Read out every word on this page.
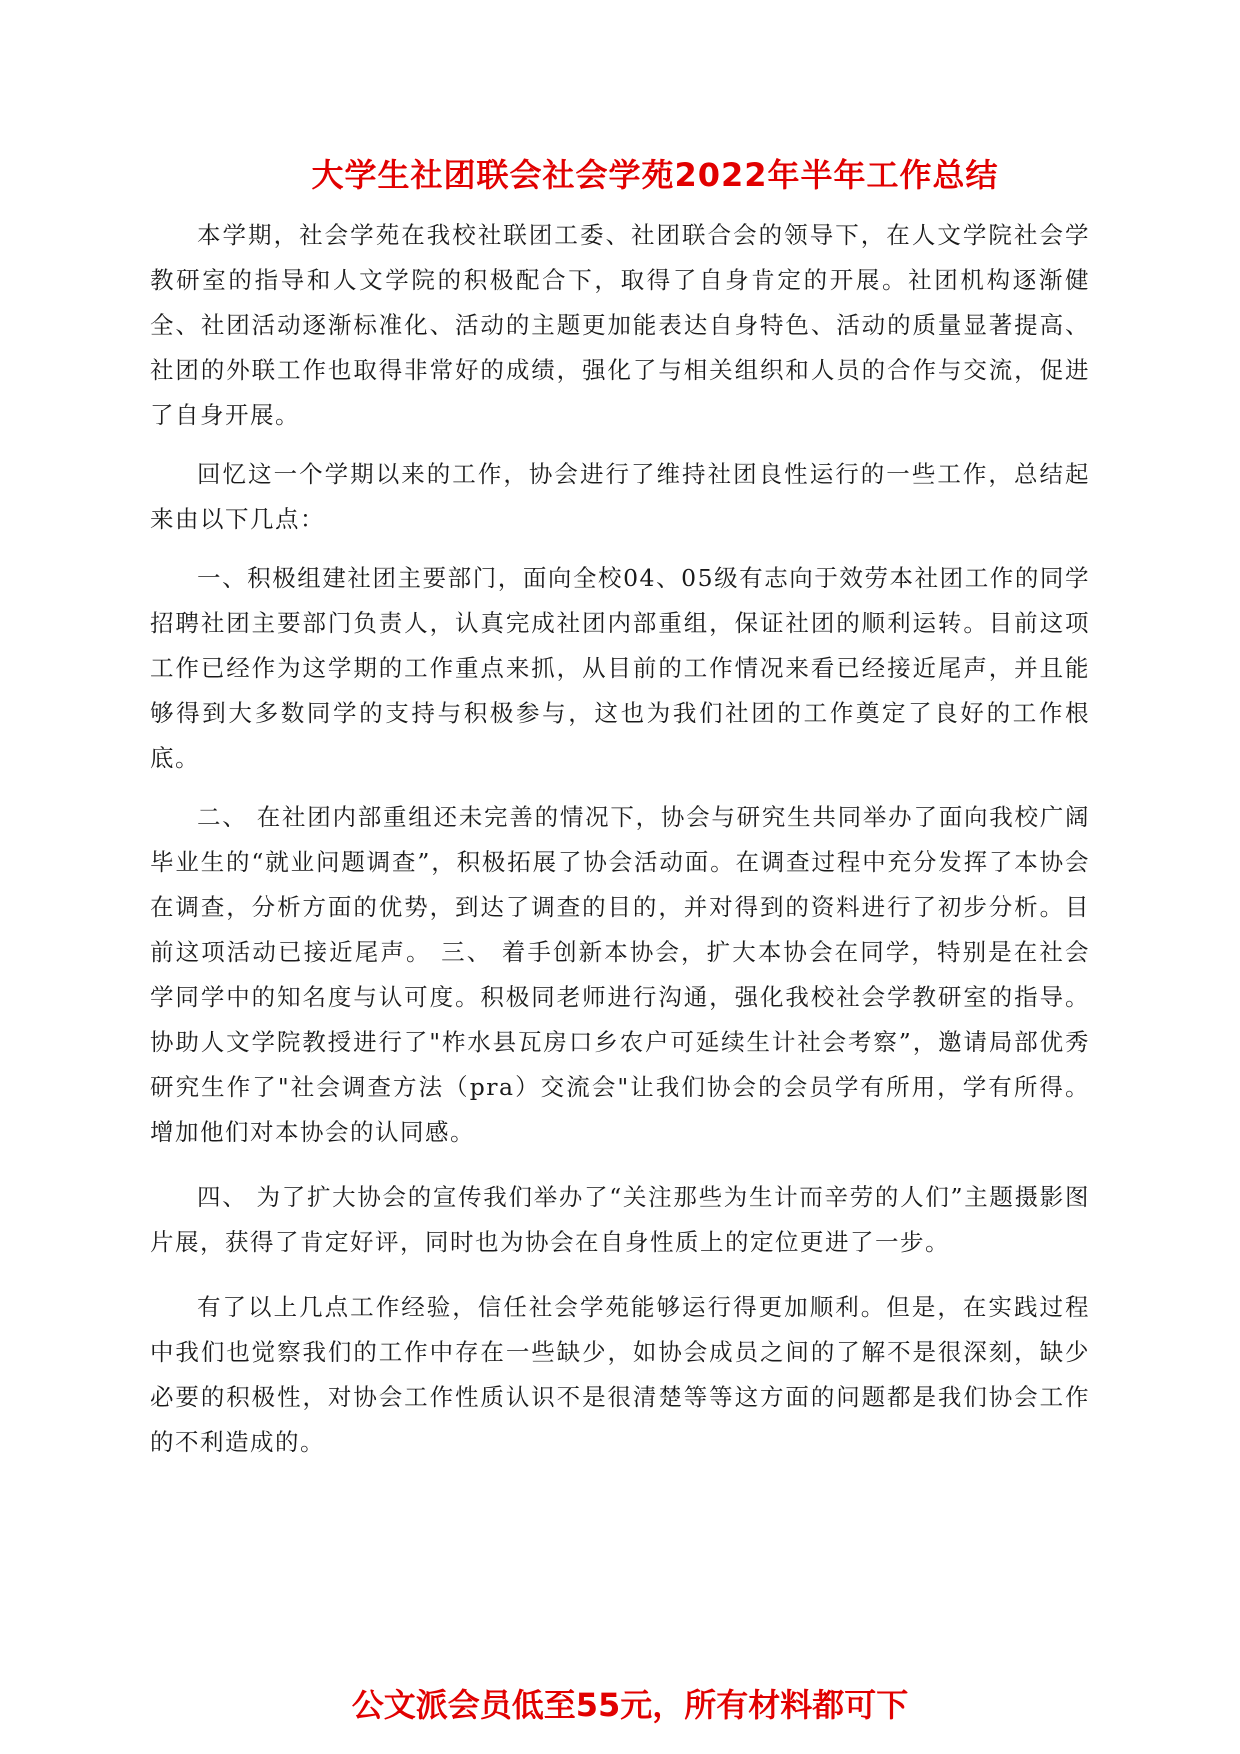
大学生社团联会社会学苑2022年半年工作总结

本学期，社会学苑在我校社联团工委、社团联合会的领导下，在人文学院社会学教研室的指导和人文学院的积极配合下，取得了自身肯定的开展。社团机构逐渐健全、社团活动逐渐标准化、活动的主题更加能表达自身特色、活动的质量显著提高、社团的外联工作也取得非常好的成绩，强化了与相关组织和人员的合作与交流，促进了自身开展。

回忆这一个学期以来的工作，协会进行了维持社团良性运行的一些工作，总结起来由以下几点：

一、积极组建社团主要部门，面向全校04、05级有志向于效劳本社团工作的同学招聘社团主要部门负责人，认真完成社团内部重组，保证社团的顺利运转。目前这项工作已经作为这学期的工作重点来抓，从目前的工作情况来看已经接近尾声，并且能够得到大多数同学的支持与积极参与，这也为我们社团的工作奠定了良好的工作根底。

二、 在社团内部重组还未完善的情况下，协会与研究生共同举办了面向我校广阔毕业生的“就业问题调查”，积极拓展了协会活动面。在调查过程中充分发挥了本协会在调查，分析方面的优势，到达了调查的目的，并对得到的资料进行了初步分析。目前这项活动已接近尾声。 三、 着手创新本协会，扩大本协会在同学，特别是在社会学同学中的知名度与认可度。积极同老师进行沟通，强化我校社会学教研室的指导。协助人文学院教授进行了"柞水县瓦房口乡农户可延续生计社会考察”，邀请局部优秀研究生作了"社会调查方法（pra）交流会"让我们协会的会员学有所用，学有所得。增加他们对本协会的认同感。

四、 为了扩大协会的宣传我们举办了“关注那些为生计而辛劳的人们”主题摄影图片展，获得了肯定好评，同时也为协会在自身性质上的定位更进了一步。

有了以上几点工作经验，信任社会学苑能够运行得更加顺利。但是，在实践过程中我们也觉察我们的工作中存在一些缺少，如协会成员之间的了解不是很深刻，缺少必要的积极性，对协会工作性质认识不是很清楚等等这方面的问题都是我们协会工作的不利造成的。

公文派会员低至55元，所有材料都可下
